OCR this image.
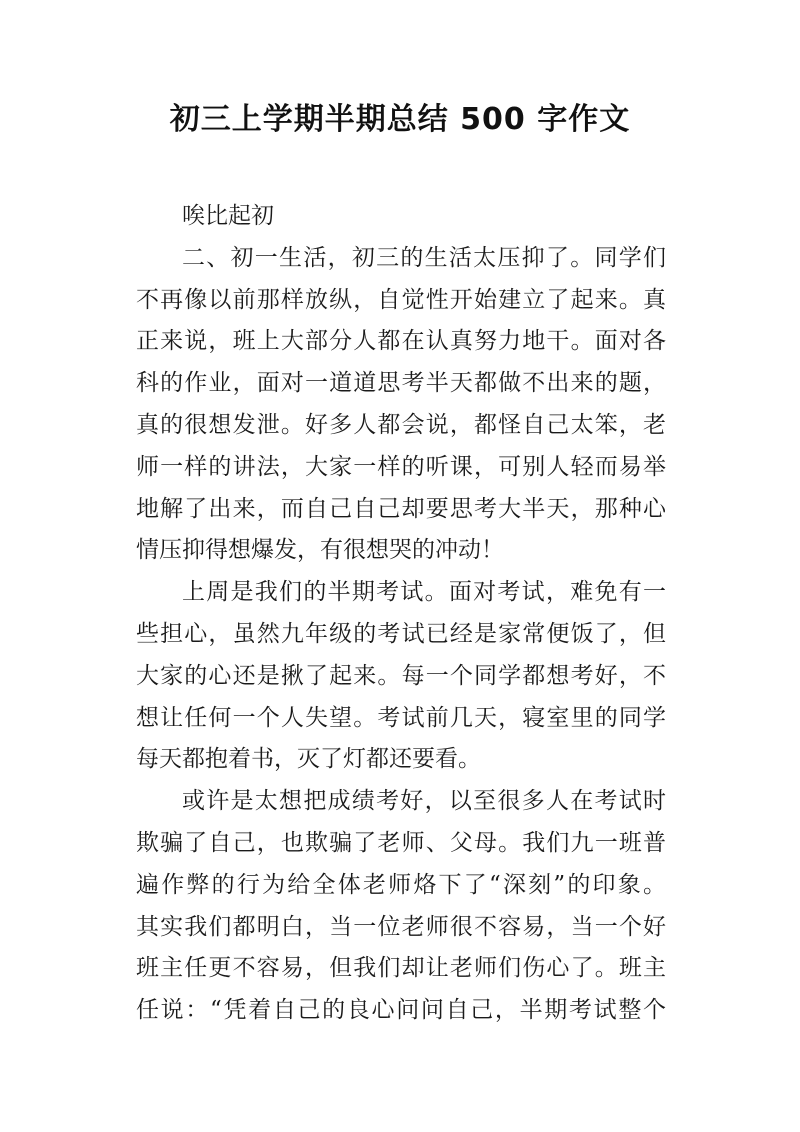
初三上学期半期总结 500 字作文
唉比起初
二、初一生活，初三的生活太压抑了。同学们
不再像以前那样放纵，自觉性开始建立了起来。真
正来说，班上大部分人都在认真努力地干。面对各
科的作业，面对一道道思考半天都做不出来的题，
真的很想发泄。好多人都会说，都怪自己太笨，老
师一样的讲法，大家一样的听课，可别人轻而易举
地解了出来，而自己自己却要思考大半天，那种心
情压抑得想爆发，有很想哭的冲动！
上周是我们的半期考试。面对考试，难免有一
些担心，虽然九年级的考试已经是家常便饭了，但
大家的心还是揪了起来。每一个同学都想考好，不
想让任何一个人失望。考试前几天，寝室里的同学
每天都抱着书，灭了灯都还要看。
或许是太想把成绩考好，以至很多人在考试时
欺骗了自己，也欺骗了老师、父母。我们九一班普
遍作弊的行为给全体老师烙下了“深刻”的印象。
其实我们都明白，当一位老师很不容易，当一个好
班主任更不容易，但我们却让老师们伤心了。班主
任说：“凭着自己的良心问问自己，半期考试整个
